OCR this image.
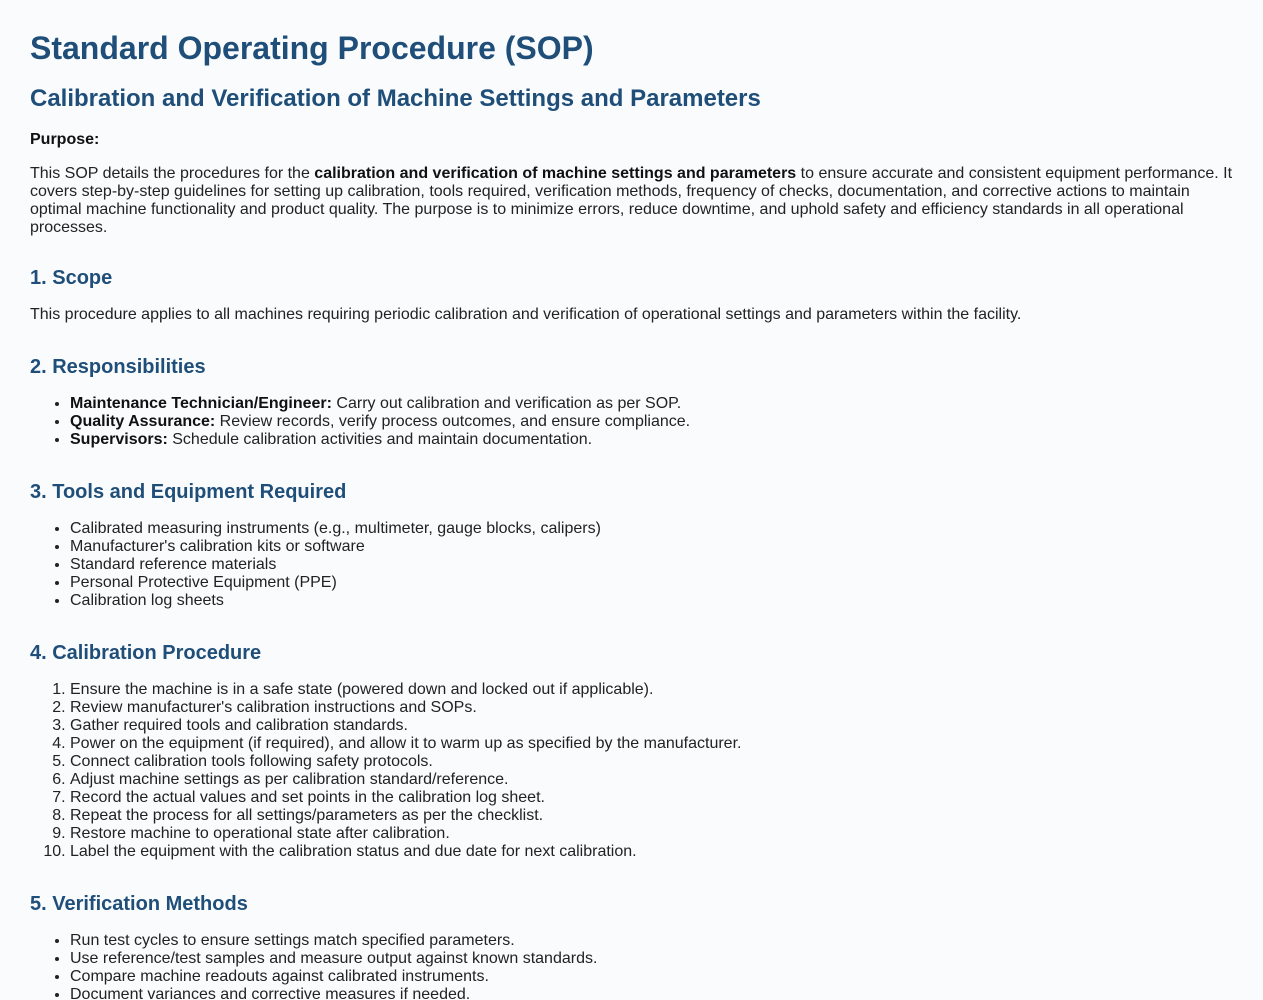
Standard Operating Procedure (SOP)
Calibration and Verification of Machine Settings and Parameters

Purpose:

This SOP details the procedures for the calibration and verification of machine settings and parameters to ensure accurate and consistent equipment performance. It covers step-by-step guidelines for setting up calibration, tools required, verification methods, frequency of checks, documentation, and corrective actions to maintain optimal machine functionality and product quality. The purpose is to minimize errors, reduce downtime, and uphold safety and efficiency standards in all operational processes.

1. Scope

This procedure applies to all machines requiring periodic calibration and verification of operational settings and parameters within the facility.

2. Responsibilities
• Maintenance Technician/Engineer: Carry out calibration and verification as per SOP.
• Quality Assurance: Review records, verify process outcomes, and ensure compliance.
• Supervisors: Schedule calibration activities and maintain documentation.
3. Tools and Equipment Required
• Calibrated measuring instruments (e.g., multimeter, gauge blocks, calipers)
• Manufacturer's calibration kits or software
• Standard reference materials
• Personal Protective Equipment (PPE)
• Calibration log sheets
4. Calibration Procedure
1. Ensure the machine is in a safe state (powered down and locked out if applicable).
2. Review manufacturer's calibration instructions and SOPs.
3. Gather required tools and calibration standards.
4. Power on the equipment (if required), and allow it to warm up as specified by the manufacturer.
5. Connect calibration tools following safety protocols.
6. Adjust machine settings as per calibration standard/reference.
7. Record the actual values and set points in the calibration log sheet.
8. Repeat the process for all settings/parameters as per the checklist.
9. Restore machine to operational state after calibration.
10. Label the equipment with the calibration status and due date for next calibration.
5. Verification Methods
• Run test cycles to ensure settings match specified parameters.
• Use reference/test samples and measure output against known standards.
• Compare machine readouts against calibrated instruments.
• Document variances and corrective measures if needed.
